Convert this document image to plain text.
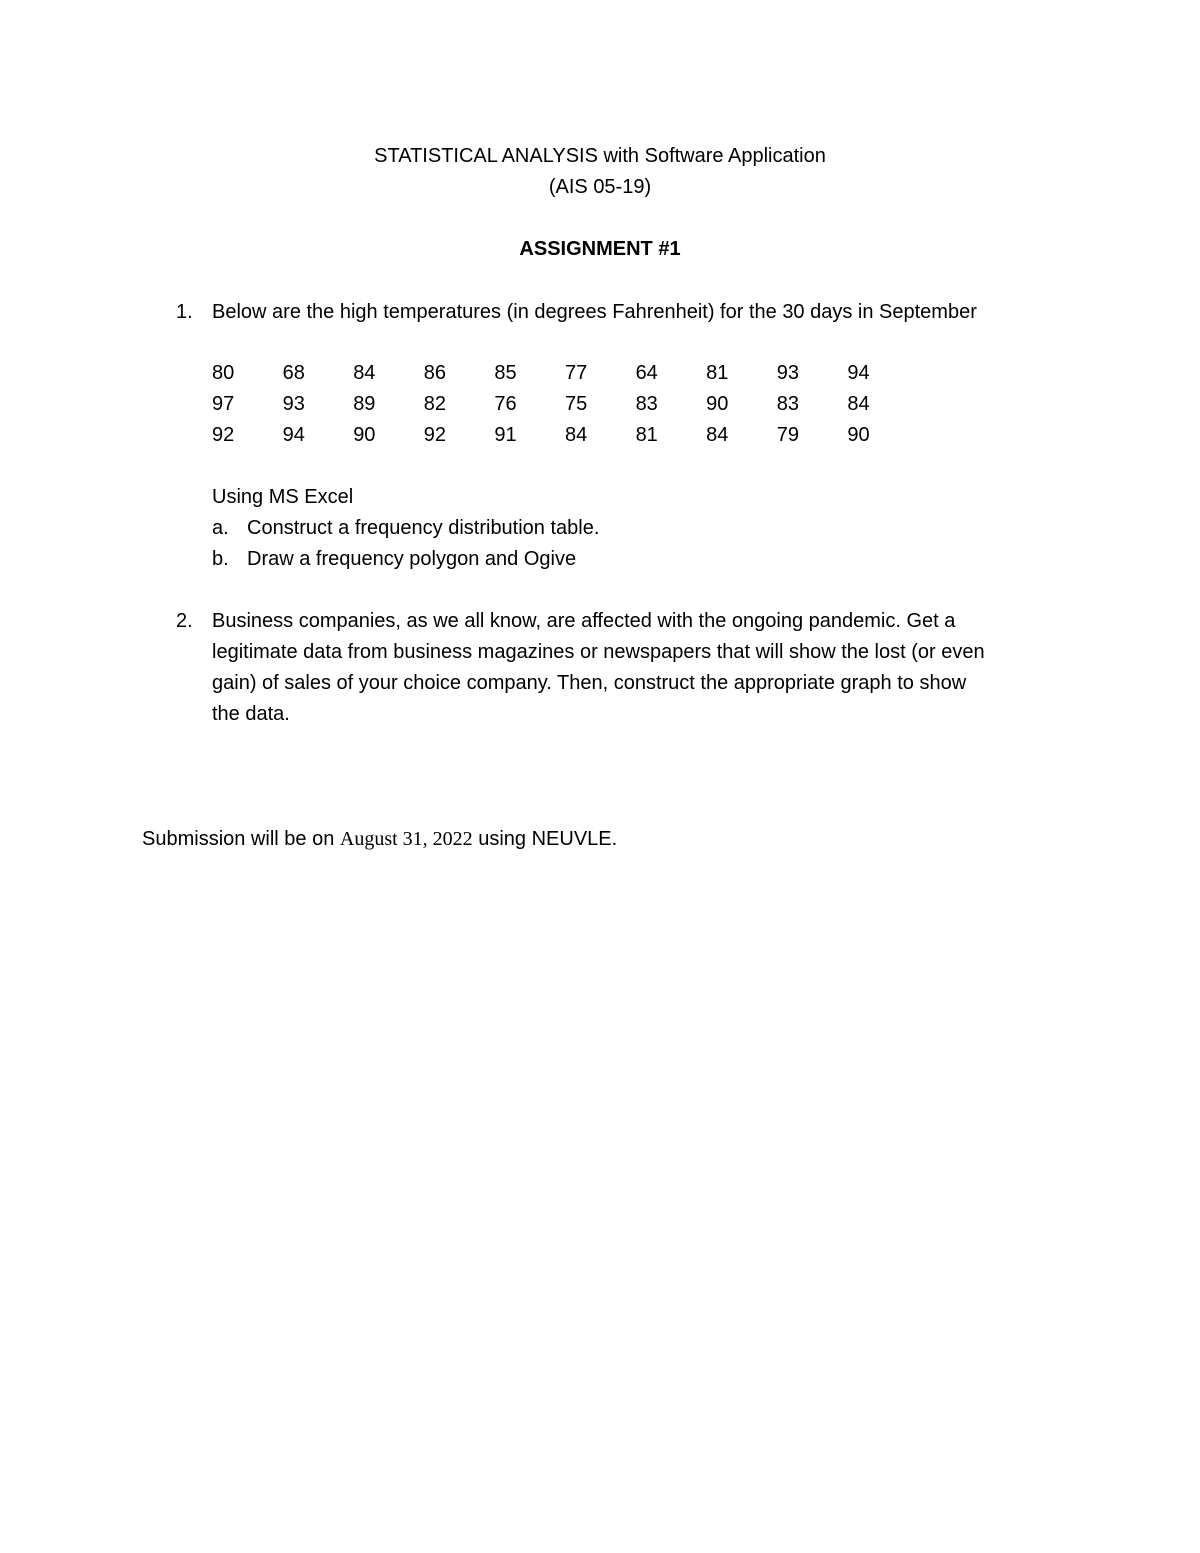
STATISTICAL ANALYSIS with Software Application
(AIS 05-19)
ASSIGNMENT #1
1. Below are the high temperatures (in degrees Fahrenheit) for the 30 days in September
80	68	84	86	85	77	64	81	93	94
97	93	89	82	76	75	83	90	83	84
92	94	90	92	91	84	81	84	79	90
Using MS Excel
a. Construct a frequency distribution table.
b. Draw a frequency polygon and Ogive
2. Business companies, as we all know, are affected with the ongoing pandemic. Get a
legitimate data from business magazines or newspapers that will show the lost (or even
gain) of sales of your choice company. Then, construct the appropriate graph to show
the data.
Submission will be on August 31, 2022 using NEUVLE.
